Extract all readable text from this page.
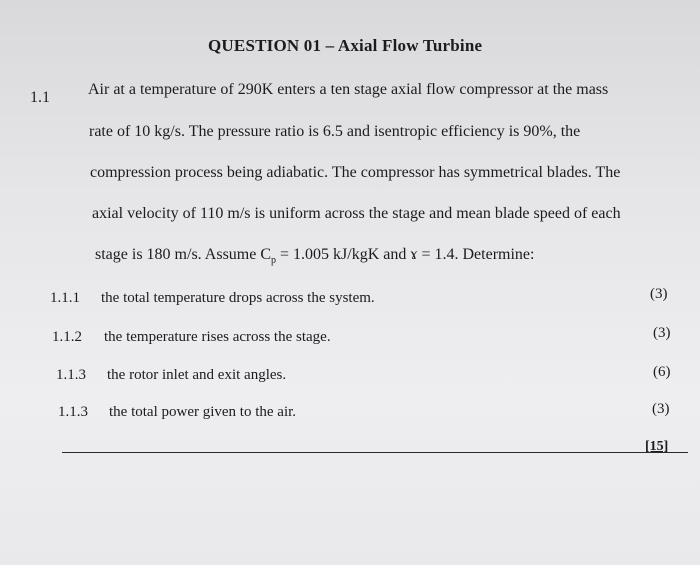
QUESTION 01 – Axial Flow Turbine
1.1 Air at a temperature of 290K enters a ten stage axial flow compressor at the mass
rate of 10 kg/s. The pressure ratio is 6.5 and isentropic efficiency is 90%, the
compression process being adiabatic. The compressor has symmetrical blades. The
axial velocity of 110 m/s is uniform across the stage and mean blade speed of each
stage is 180 m/s. Assume $C_p = 1.005$ kJ/kgK and ɤ = 1.4. Determine:
1.1.1 the total temperature drops across the system.	(3)
1.1.2 the temperature rises across the stage.	(3)
1.1.3 the rotor inlet and exit angles.	(6)
1.1.3 the total power given to the air.	(3)
[15]
